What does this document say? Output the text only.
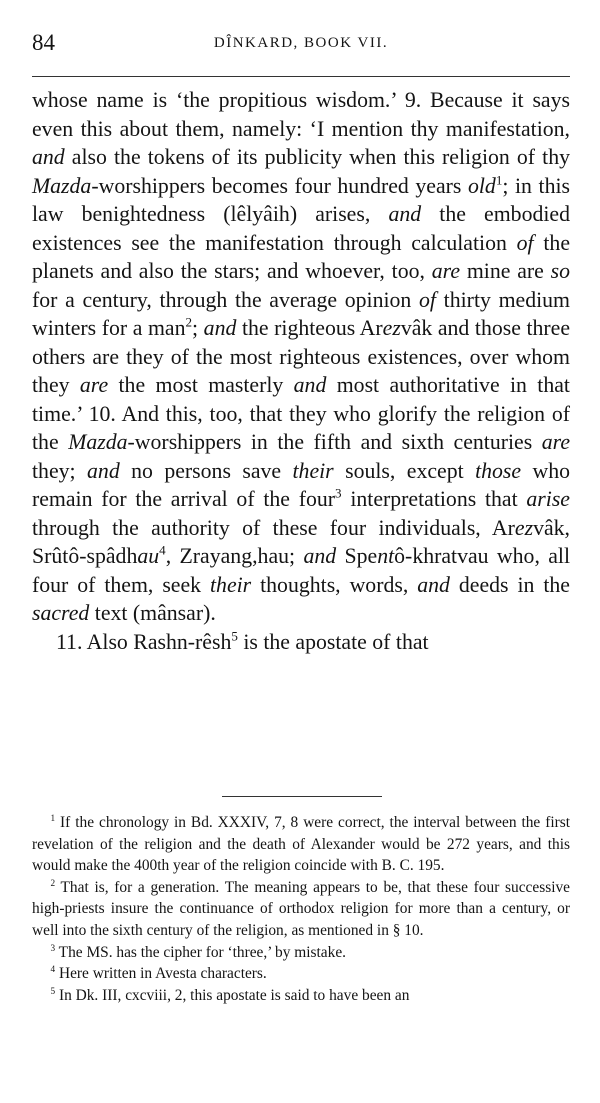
84	DÎNKARD, BOOK VII.

whose name is ‘the propitious wisdom.’ 9. Because it says even this about them, namely: ‘I mention thy manifestation, and also the tokens of its publicity when this religion of thy Mazda-worshippers becomes four hundred years old$^1$; in this law benightedness (lêlyâih) arises, and the embodied existences see the manifestation through calculation of the planets and also the stars; and whoever, too, are mine are so for a century, through the average opinion of thirty medium winters for a man$^2$; and the righteous Arezvâk and those three others are they of the most righteous existences, over whom they are the most masterly and most authoritative in that time.’ 10. And this, too, that they who glorify the religion of the Mazda-worshippers in the fifth and sixth centuries are they; and no persons save their souls, except those who remain for the arrival of the four$^3$ interpretations that arise through the authority of these four individuals, Arezvâk, Srûtô-spâdhau$^4$, Zrayang,hau; and Spentô-khratvau who, all four of them, seek their thoughts, words, and deeds in the sacred text (mânsar).

11. Also Rashn-rêsh$^5$ is the apostate of that

$^1$ If the chronology in Bd. XXXIV, 7, 8 were correct, the interval between the first revelation of the religion and the death of Alexander would be 272 years, and this would make the 400th year of the religion coincide with B. C. 195.

$^2$ That is, for a generation. The meaning appears to be, that these four successive high-priests insure the continuance of orthodox religion for more than a century, or well into the sixth century of the religion, as mentioned in § 10.

$^3$ The MS. has the cipher for ‘three,’ by mistake.

$^4$ Here written in Avesta characters.

$^5$ In Dk. III, cxcviii, 2, this apostate is said to have been an
